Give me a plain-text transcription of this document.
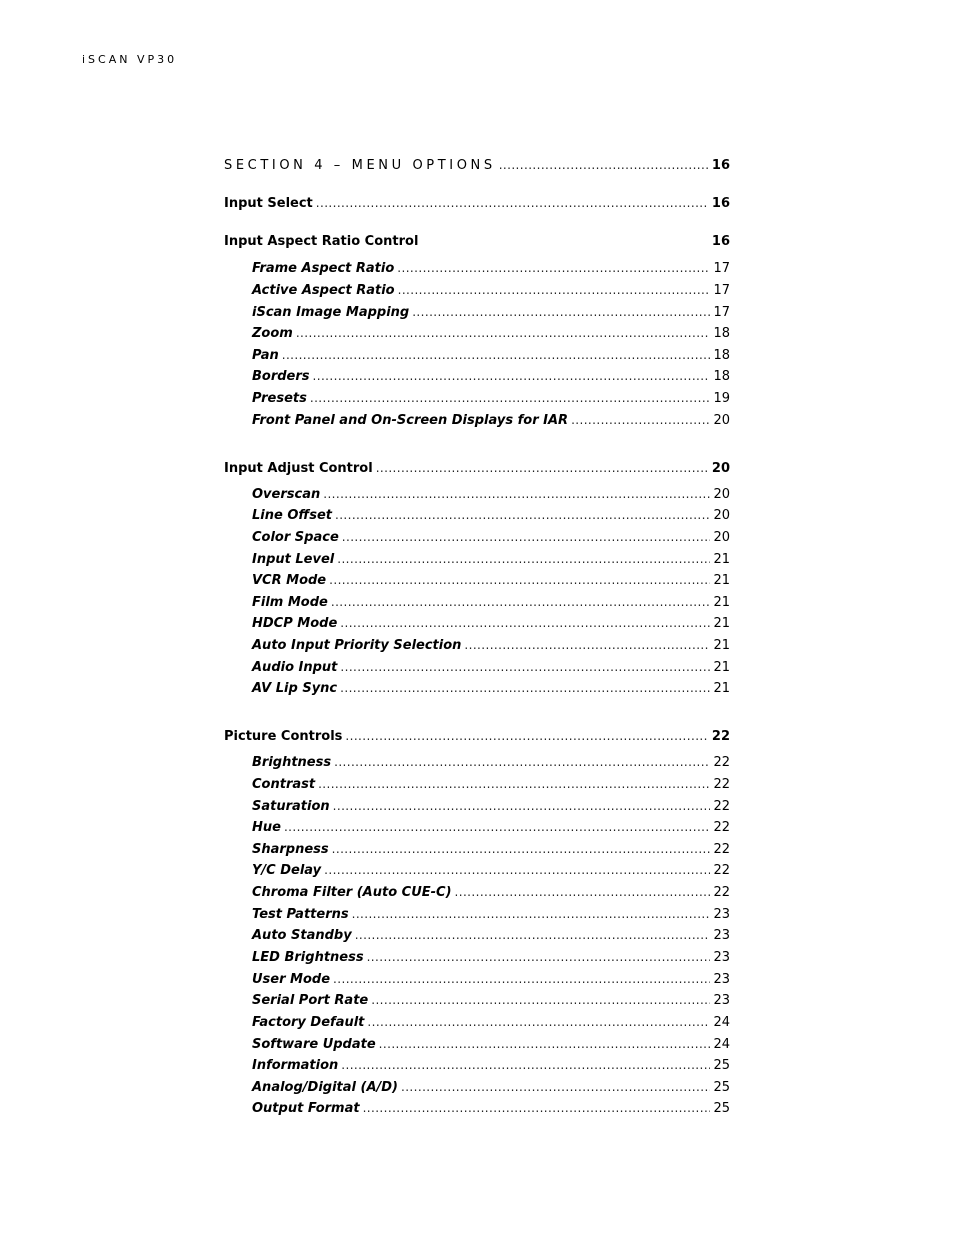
iSCAN VP30
SECTION 4 – MENU OPTIONS .....	16
Input Select .....	16
Input Aspect Ratio Control	16
Frame Aspect Ratio .....	17
Active Aspect Ratio .....	17
iScan Image Mapping .....	17
Zoom .....	18
Pan .....	18
Borders .....	18
Presets .....	19
Front Panel and On-Screen Displays for IAR .....	20
Input Adjust Control .....	20
Overscan .....	20
Line Offset .....	20
Color Space .....	20
Input Level .....	21
VCR Mode .....	21
Film Mode .....	21
HDCP Mode .....	21
Auto Input Priority Selection .....	21
Audio Input .....	21
AV Lip Sync .....	21
Picture Controls .....	22
Brightness .....	22
Contrast .....	22
Saturation .....	22
Hue .....	22
Sharpness .....	22
Y/C Delay .....	22
Chroma Filter (Auto CUE-C) .....	22
Test Patterns .....	23
Auto Standby .....	23
LED Brightness .....	23
User Mode .....	23
Serial Port Rate .....	23
Factory Default .....	24
Software Update .....	24
Information .....	25
Analog/Digital (A/D) .....	25
Output Format .....	25
